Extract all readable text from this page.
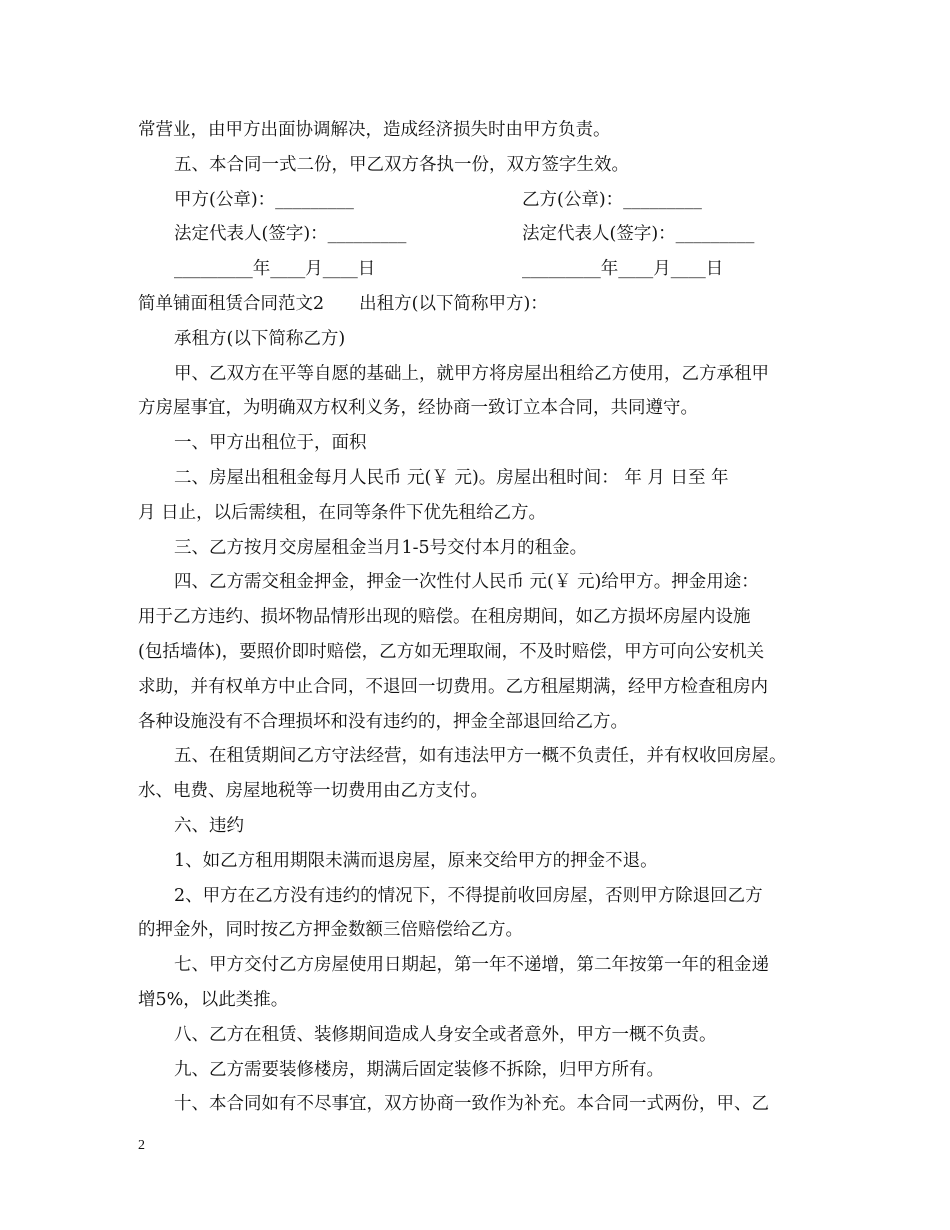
常营业，由甲方出面协调解决，造成经济损失时由甲方负责。
五、本合同一式二份，甲乙双方各执一份，双方签字生效。
甲方(公章)：_________	乙方(公章)：_________
法定代表人(签字)：_________	法定代表人(签字)：_________
_________年____月____日	_________年____月____日
简单铺面租赁合同范文2　　出租方(以下简称甲方)：
承租方(以下简称乙方)
甲、乙双方在平等自愿的基础上，就甲方将房屋出租给乙方使用，乙方承租甲
方房屋事宜，为明确双方权利义务，经协商一致订立本合同，共同遵守。
一、甲方出租位于，面积
二、房屋出租租金每月人民币 元(￥ 元)。房屋出租时间： 年 月 日至 年
月 日止，以后需续租，在同等条件下优先租给乙方。
三、乙方按月交房屋租金当月1-5号交付本月的租金。
四、乙方需交租金押金，押金一次性付人民币 元(￥ 元)给甲方。押金用途：
用于乙方违约、损坏物品情形出现的赔偿。在租房期间，如乙方损坏房屋内设施
(包括墙体)，要照价即时赔偿，乙方如无理取闹，不及时赔偿，甲方可向公安机关
求助，并有权单方中止合同，不退回一切费用。乙方租屋期满，经甲方检查租房内
各种设施没有不合理损坏和没有违约的，押金全部退回给乙方。
五、在租赁期间乙方守法经营，如有违法甲方一概不负责任，并有权收回房屋。
水、电费、房屋地税等一切费用由乙方支付。
六、违约
1、如乙方租用期限未满而退房屋，原来交给甲方的押金不退。
2、甲方在乙方没有违约的情况下，不得提前收回房屋，否则甲方除退回乙方
的押金外，同时按乙方押金数额三倍赔偿给乙方。
七、甲方交付乙方房屋使用日期起，第一年不递增，第二年按第一年的租金递
增5%，以此类推。
八、乙方在租赁、装修期间造成人身安全或者意外，甲方一概不负责。
九、乙方需要装修楼房，期满后固定装修不拆除，归甲方所有。
十、本合同如有不尽事宜，双方协商一致作为补充。本合同一式两份，甲、乙
2
